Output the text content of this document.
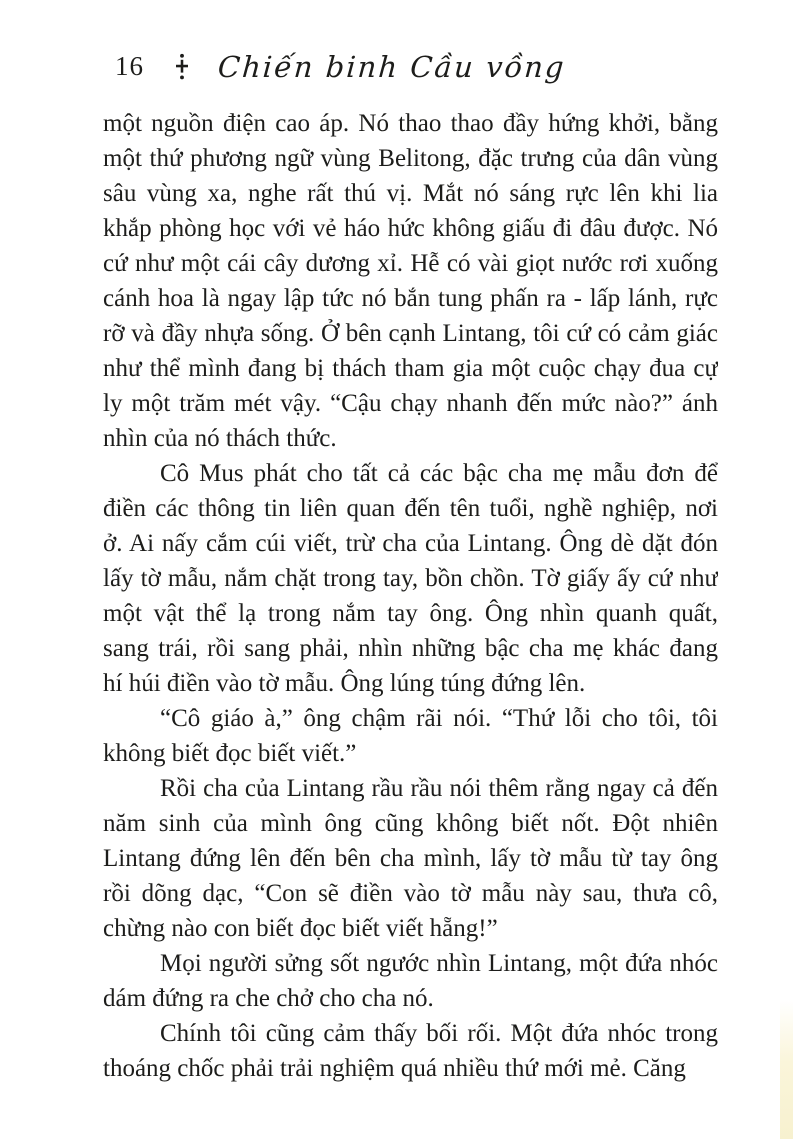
16	Chiến binh Cầu vồng

một nguồn điện cao áp. Nó thao thao đầy hứng khởi, bằng
một thứ phương ngữ vùng Belitong, đặc trưng của dân vùng
sâu vùng xa, nghe rất thú vị. Mắt nó sáng rực lên khi lia
khắp phòng học với vẻ háo hức không giấu đi đâu được. Nó
cứ như một cái cây dương xỉ. Hễ có vài giọt nước rơi xuống
cánh hoa là ngay lập tức nó bắn tung phấn ra - lấp lánh, rực
rỡ và đầy nhựa sống. Ở bên cạnh Lintang, tôi cứ có cảm giác
như thể mình đang bị thách tham gia một cuộc chạy đua cự
ly một trăm mét vậy. “Cậu chạy nhanh đến mức nào?” ánh
nhìn của nó thách thức.

Cô Mus phát cho tất cả các bậc cha mẹ mẫu đơn để
điền các thông tin liên quan đến tên tuổi, nghề nghiệp, nơi
ở. Ai nấy cắm cúi viết, trừ cha của Lintang. Ông dè dặt đón
lấy tờ mẫu, nắm chặt trong tay, bồn chồn. Tờ giấy ấy cứ như
một vật thể lạ trong nắm tay ông. Ông nhìn quanh quất,
sang trái, rồi sang phải, nhìn những bậc cha mẹ khác đang
hí húi điền vào tờ mẫu. Ông lúng túng đứng lên.

“Cô giáo à,” ông chậm rãi nói. “Thứ lỗi cho tôi, tôi
không biết đọc biết viết.”

Rồi cha của Lintang rầu rầu nói thêm rằng ngay cả đến
năm sinh của mình ông cũng không biết nốt. Đột nhiên
Lintang đứng lên đến bên cha mình, lấy tờ mẫu từ tay ông
rồi dõng dạc, “Con sẽ điền vào tờ mẫu này sau, thưa cô,
chừng nào con biết đọc biết viết hẵng!”

Mọi người sửng sốt ngước nhìn Lintang, một đứa nhóc
dám đứng ra che chở cho cha nó.

Chính tôi cũng cảm thấy bối rối. Một đứa nhóc trong
thoáng chốc phải trải nghiệm quá nhiều thứ mới mẻ. Căng
